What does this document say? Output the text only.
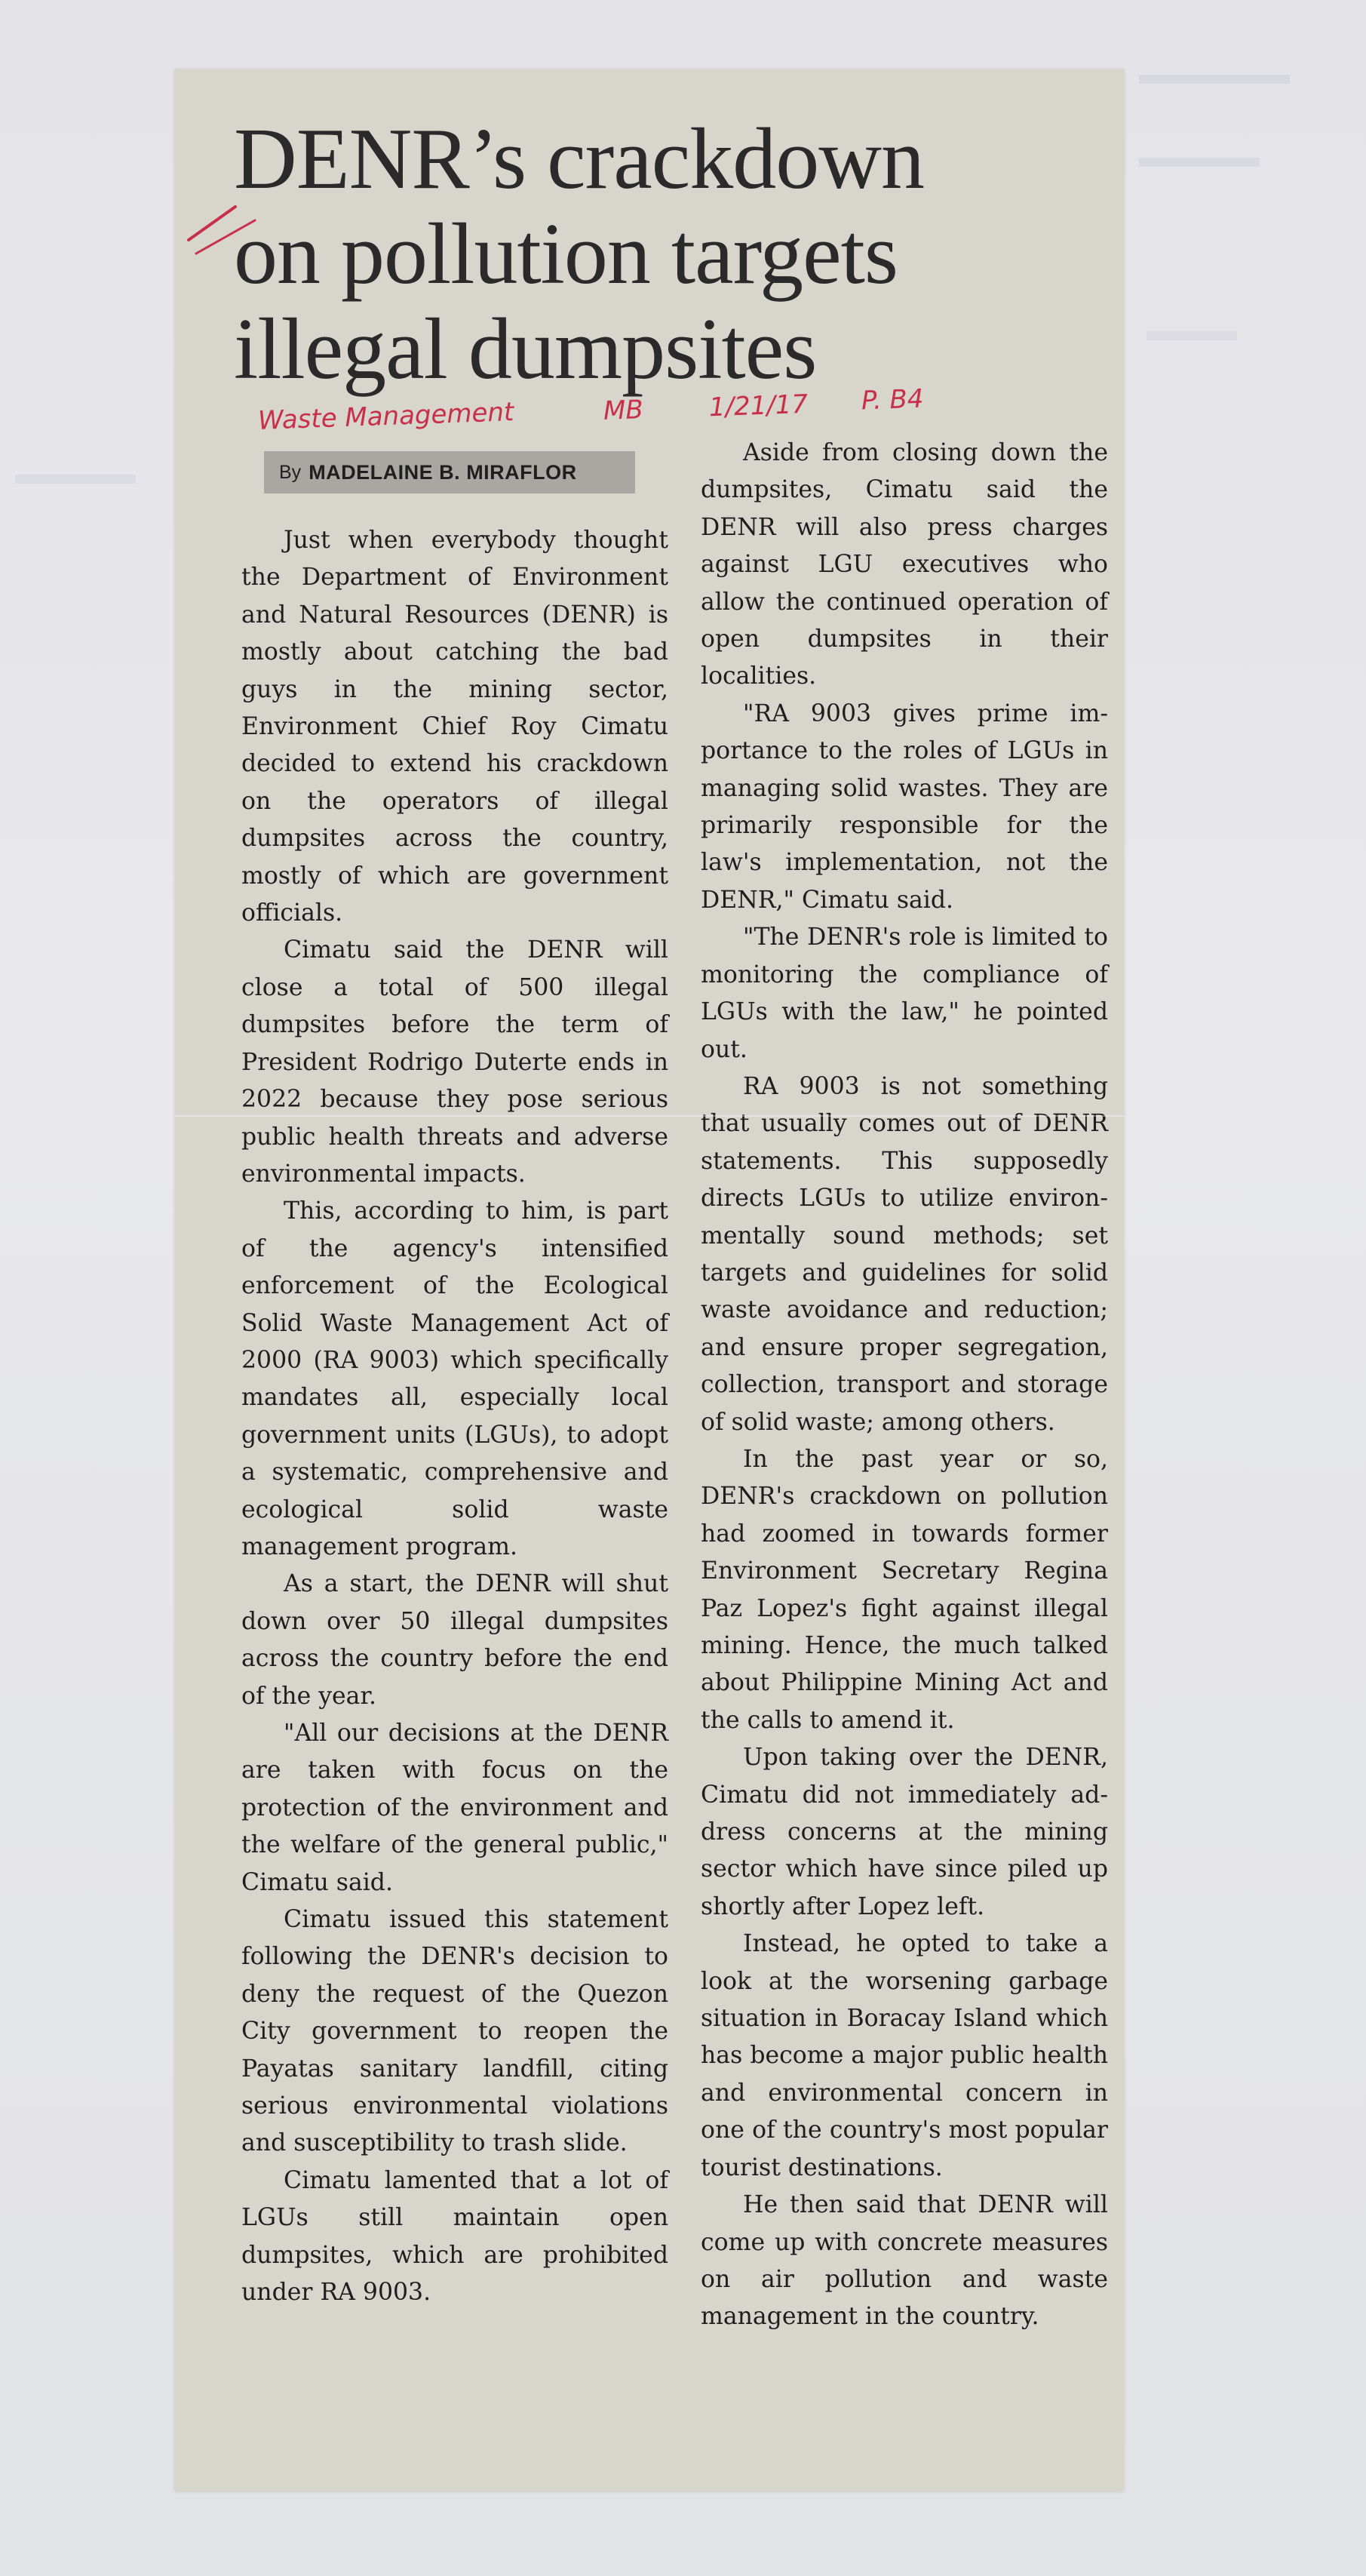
▬▬▬▬▬
▬▬▬▬
▬▬▬
▬▬▬▬
DENR’s crackdown
on pollution targets
illegal dumpsites
Waste Management	MB	1/21/17 P. B4
By MADELAINE B. MIRAFLOR

Just when everybody thought the Department of Environment and Natural Resources (DENR) is mostly about catching the bad guys in the mining sector, Environment Chief Roy Cimatu decided to extend his crackdown on the operators of illegal dumpsites across the country, mostly of which are government officials.

Cimatu said the DENR will close a total of 500 illegal dumpsites before the term of President Rodrigo Duterte ends in 2022 because they pose serious public health threats and adverse environmental impacts.

This, according to him, is part of the agency's intensified enforcement of the Ecological Solid Waste Management Act of 2000 (RA 9003) which specifically mandates all, especially local government units (LGUs), to adopt a systematic, comprehensive and ecological solid waste management program.

As a start, the DENR will shut down over 50 illegal dumpsites across the country before the end of the year.

"All our decisions at the DENR are taken with focus on the protection of the environment and the welfare of the general public," Cimatu said.

Cimatu issued this statement following the DENR's decision to deny the request of the Quezon City government to reopen the Payatas sanitary landfill, citing serious environmental violations and susceptibility to trash slide.

Cimatu lamented that a lot of LGUs still maintain open dumpsites, which are prohibited under RA 9003.

Aside from closing down the dumpsites, Cimatu said the DENR will also press charges against LGU executives who allow the continued operation of open dumpsites in their localities.

"RA 9003 gives prime importance to the roles of LGUs in managing solid wastes. They are primarily responsible for the law's implementation, not the DENR," Cimatu said.

"The DENR's role is limited to monitoring the compliance of LGUs with the law," he pointed out.

RA 9003 is not something that usually comes out of DENR statements. This supposedly directs LGUs to utilize environmentally sound methods; set targets and guidelines for solid waste avoidance and reduction; and ensure proper segregation, collection, transport and storage of solid waste; among others.

In the past year or so, DENR's crackdown on pollution had zoomed in towards former Environment Secretary Regina Paz Lopez's fight against illegal mining. Hence, the much talked about Philippine Mining Act and the calls to amend it.

Upon taking over the DENR, Cimatu did not immediately address concerns at the mining sector which have since piled up shortly after Lopez left.

Instead, he opted to take a look at the worsening garbage situation in Boracay Island which has become a major public health and environmental concern in one of the country's most popular tourist destinations.

He then said that DENR will come up with concrete measures on air pollution and waste management in the country.
